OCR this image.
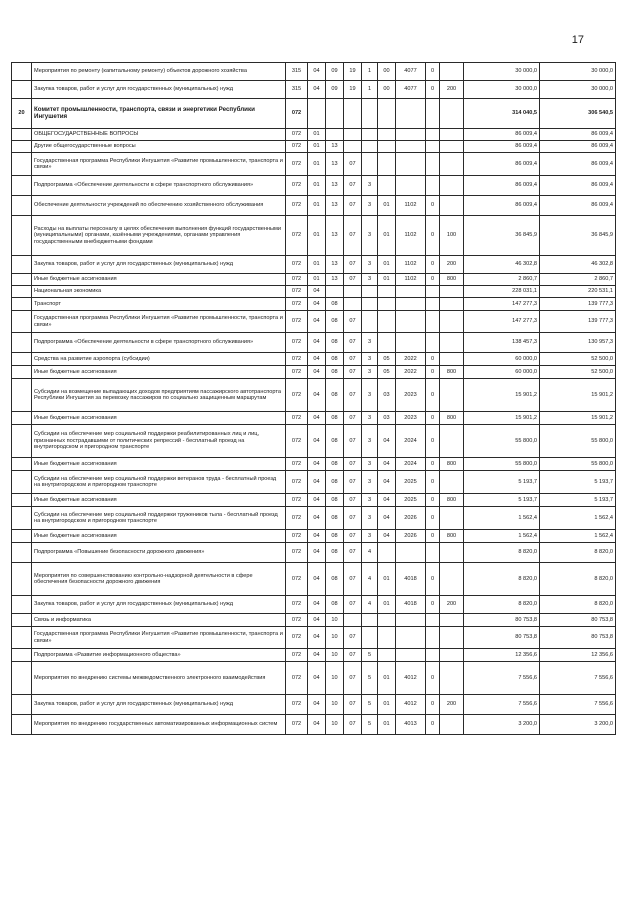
17
	Мероприятия по ремонту (капитальному ремонту) объектов дорожного хозяйства	315	04	09	19	1	00	4077	0		30 000,0	30 000,0
	Закупка товаров, работ и услуг для государственных (муниципальных) нужд	315	04	09	19	1	00	4077	0	200	30 000,0	30 000,0
20	Комитет промышленности, транспорта, связи и энергетики Республики Ингушетия	072									314 040,5	306 540,5
	ОБЩЕГОСУДАРСТВЕННЫЕ ВОПРОСЫ	072	01								86 009,4	86 009,4
	Другие общегосударственные вопросы	072	01	13							86 009,4	86 009,4
	Государственная программа Республики Ингушетия «Развитие промышленности, транспорта и связи»	072	01	13	07						86 009,4	86 009,4
	Подпрограмма «Обеспечение деятельности в сфере транспортного обслуживания»	072	01	13	07	3					86 009,4	86 009,4
	Обеспечение деятельности учреждений по обеспечению хозяйственного обслуживания	072	01	13	07	3	01	1102	0		86 009,4	86 009,4
	Расходы на выплаты персоналу в целях обеспечения выполнения функций государственными (муниципальными) органами, казёнными учреждениями, органами управления государственными внебюджетными фондами	072	01	13	07	3	01	1102	0	100	36 845,9	36 845,9
	Закупка товаров, работ и услуг для государственных (муниципальных) нужд	072	01	13	07	3	01	1102	0	200	46 302,8	46 302,8
	Иные бюджетные ассигнования	072	01	13	07	3	01	1102	0	800	2 860,7	2 860,7
	Национальная экономика	072	04								228 031,1	220 531,1
	Транспорт	072	04	08							147 277,3	139 777,3
	Государственная программа Республики Ингушетия «Развитие промышленности, транспорта и связи»	072	04	08	07						147 277,3	139 777,3
	Подпрограмма «Обеспечение деятельности в сфере транспортного обслуживания»	072	04	08	07	3					138 457,3	130 957,3
	Средства на развитие аэропорта (субсидии)	072	04	08	07	3	05	2022	0		60 000,0	52 500,0
	Иные бюджетные ассигнования	072	04	08	07	3	05	2022	0	800	60 000,0	52 500,0
	Субсидии на возмещение выпадающих доходов предприятиям пассажирского автотранспорта Республики Ингушетия за перевозку пассажиров по социально защищенным маршрутам	072	04	08	07	3	03	2023	0		15 901,2	15 901,2
	Иные бюджетные ассигнования	072	04	08	07	3	03	2023	0	800	15 901,2	15 901,2
	Субсидии на обеспечение мер социальной поддержки реабилитированных лиц и лиц, признанных пострадавшими от политических репрессий - бесплатный проезд на внутригородском и пригородном транспорте	072	04	08	07	3	04	2024	0		55 800,0	55 800,0
	Иные бюджетные ассигнования	072	04	08	07	3	04	2024	0	800	55 800,0	55 800,0
	Субсидии на обеспечение мер социальной поддержки ветеранов труда - бесплатный проезд на внутригородском и пригородном транспорте	072	04	08	07	3	04	2025	0		5 193,7	5 193,7
	Иные бюджетные ассигнования	072	04	08	07	3	04	2025	0	800	5 193,7	5 193,7
	Субсидии на обеспечение мер социальной поддержки тружеников тыла - бесплатный проезд на внутригородском и пригородном транспорте	072	04	08	07	3	04	2026	0		1 562,4	1 562,4
	Иные бюджетные ассигнования	072	04	08	07	3	04	2026	0	800	1 562,4	1 562,4
	Подпрограмма «Повышение безопасности дорожного движения»	072	04	08	07	4					8 820,0	8 820,0
	Мероприятия по совершенствованию контрольно-надзорной деятельности в сфере обеспечения безопасности дорожного движения	072	04	08	07	4	01	4018	0		8 820,0	8 820,0
	Закупка товаров, работ и услуг для государственных (муниципальных) нужд	072	04	08	07	4	01	4018	0	200	8 820,0	8 820,0
	Связь и информатика	072	04	10							80 753,8	80 753,8
	Государственная программа Республики Ингушетия «Развитие промышленности, транспорта и связи»	072	04	10	07						80 753,8	80 753,8
	Подпрограмма «Развитие информационного общества»	072	04	10	07	5					12 356,6	12 356,6
	Мероприятия по внедрению системы межведомственного электронного взаимодействия	072	04	10	07	5	01	4012	0		7 556,6	7 556,6
	Закупка товаров, работ и услуг для государственных (муниципальных) нужд	072	04	10	07	5	01	4012	0	200	7 556,6	7 556,6
	Мероприятия по внедрению государственных автоматизированных информационных систем	072	04	10	07	5	01	4013	0		3 200,0	3 200,0
